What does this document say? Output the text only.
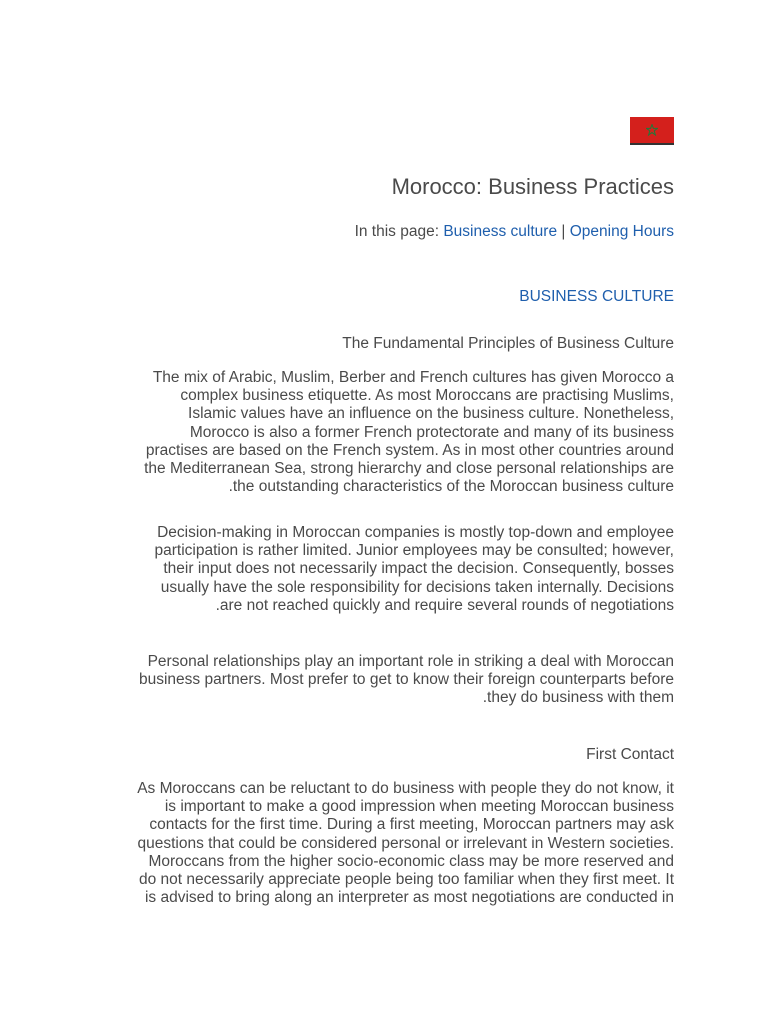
Morocco: Business Practices
In this page: Business culture | Opening Hours
BUSINESS CULTURE
The Fundamental Principles of Business Culture
The mix of Arabic, Muslim, Berber and French cultures has given Morocco a
complex business etiquette. As most Moroccans are practising Muslims,
Islamic values have an influence on the business culture. Nonetheless,
Morocco is also a former French protectorate and many of its business
practises are based on the French system. As in most other countries around
the Mediterranean Sea, strong hierarchy and close personal relationships are
.the outstanding characteristics of the Moroccan business culture
Decision-making in Moroccan companies is mostly top-down and employee
participation is rather limited. Junior employees may be consulted; however,
their input does not necessarily impact the decision. Consequently, bosses
usually have the sole responsibility for decisions taken internally. Decisions
.are not reached quickly and require several rounds of negotiations
Personal relationships play an important role in striking a deal with Moroccan
business partners. Most prefer to get to know their foreign counterparts before
.they do business with them
First Contact
As Moroccans can be reluctant to do business with people they do not know, it
is important to make a good impression when meeting Moroccan business
contacts for the first time. During a first meeting, Moroccan partners may ask
questions that could be considered personal or irrelevant in Western societies.
Moroccans from the higher socio-economic class may be more reserved and
do not necessarily appreciate people being too familiar when they first meet. It
is advised to bring along an interpreter as most negotiations are conducted in
